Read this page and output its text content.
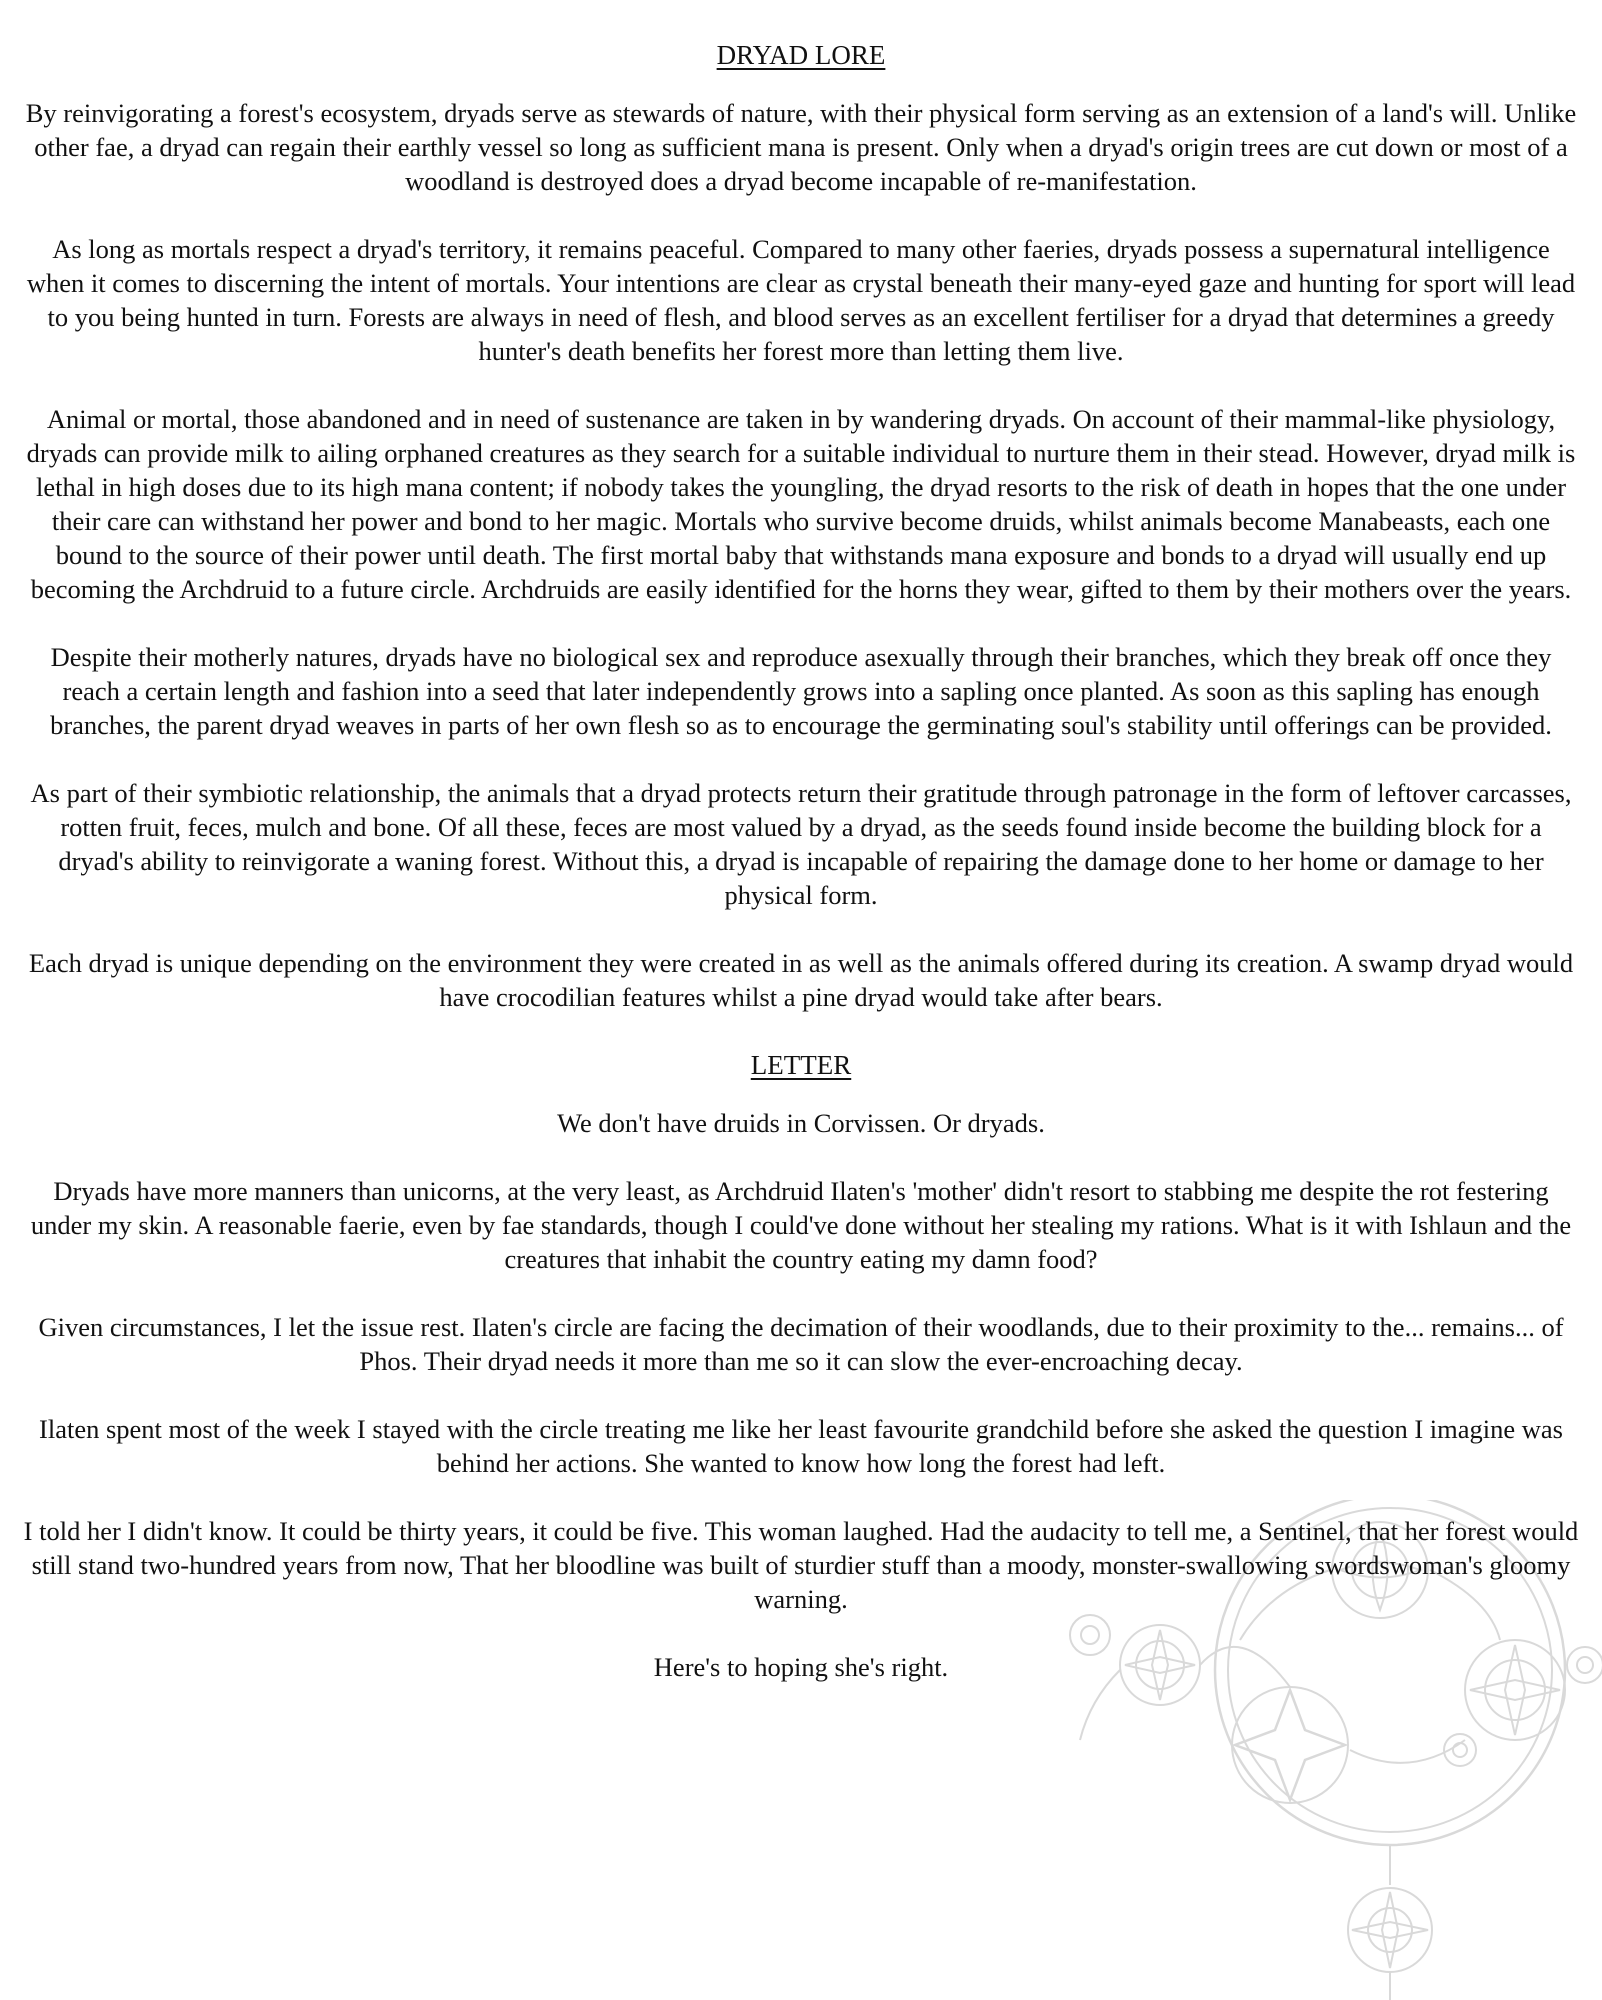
DRYAD LORE

By reinvigorating a forest's ecosystem, dryads serve as stewards of nature, with their physical form serving as an extension of a land's will. Unlike other fae, a dryad can regain their earthly vessel so long as sufficient mana is present. Only when a dryad's origin trees are cut down or most of a woodland is destroyed does a dryad become incapable of re-manifestation.

As long as mortals respect a dryad's territory, it remains peaceful. Compared to many other faeries, dryads possess a supernatural intelligence when it comes to discerning the intent of mortals. Your intentions are clear as crystal beneath their many-eyed gaze and hunting for sport will lead to you being hunted in turn. Forests are always in need of flesh, and blood serves as an excellent fertiliser for a dryad that determines a greedy hunter's death benefits her forest more than letting them live.

Animal or mortal, those abandoned and in need of sustenance are taken in by wandering dryads. On account of their mammal-like physiology, dryads can provide milk to ailing orphaned creatures as they search for a suitable individual to nurture them in their stead. However, dryad milk is lethal in high doses due to its high mana content; if nobody takes the youngling, the dryad resorts to the risk of death in hopes that the one under their care can withstand her power and bond to her magic. Mortals who survive become druids, whilst animals become Manabeasts, each one bound to the source of their power until death. The first mortal baby that withstands mana exposure and bonds to a dryad will usually end up becoming the Archdruid to a future circle. Archdruids are easily identified for the horns they wear, gifted to them by their mothers over the years.

Despite their motherly natures, dryads have no biological sex and reproduce asexually through their branches, which they break off once they reach a certain length and fashion into a seed that later independently grows into a sapling once planted. As soon as this sapling has enough branches, the parent dryad weaves in parts of her own flesh so as to encourage the germinating soul's stability until offerings can be provided.

As part of their symbiotic relationship, the animals that a dryad protects return their gratitude through patronage in the form of leftover carcasses, rotten fruit, feces, mulch and bone. Of all these, feces are most valued by a dryad, as the seeds found inside become the building block for a dryad's ability to reinvigorate a waning forest. Without this, a dryad is incapable of repairing the damage done to her home or damage to her physical form.

Each dryad is unique depending on the environment they were created in as well as the animals offered during its creation. A swamp dryad would have crocodilian features whilst a pine dryad would take after bears.

LETTER

We don't have druids in Corvissen. Or dryads.

Dryads have more manners than unicorns, at the very least, as Archdruid Ilaten's 'mother' didn't resort to stabbing me despite the rot festering under my skin. A reasonable faerie, even by fae standards, though I could've done without her stealing my rations. What is it with Ishlaun and the creatures that inhabit the country eating my damn food?

Given circumstances, I let the issue rest. Ilaten's circle are facing the decimation of their woodlands, due to their proximity to the... remains... of Phos. Their dryad needs it more than me so it can slow the ever-encroaching decay.

Ilaten spent most of the week I stayed with the circle treating me like her least favourite grandchild before she asked the question I imagine was behind her actions. She wanted to know how long the forest had left.

I told her I didn't know. It could be thirty years, it could be five. This woman laughed. Had the audacity to tell me, a Sentinel, that her forest would still stand two-hundred years from now, That her bloodline was built of sturdier stuff than a moody, monster-swallowing swordswoman's gloomy warning.

Here's to hoping she's right.
